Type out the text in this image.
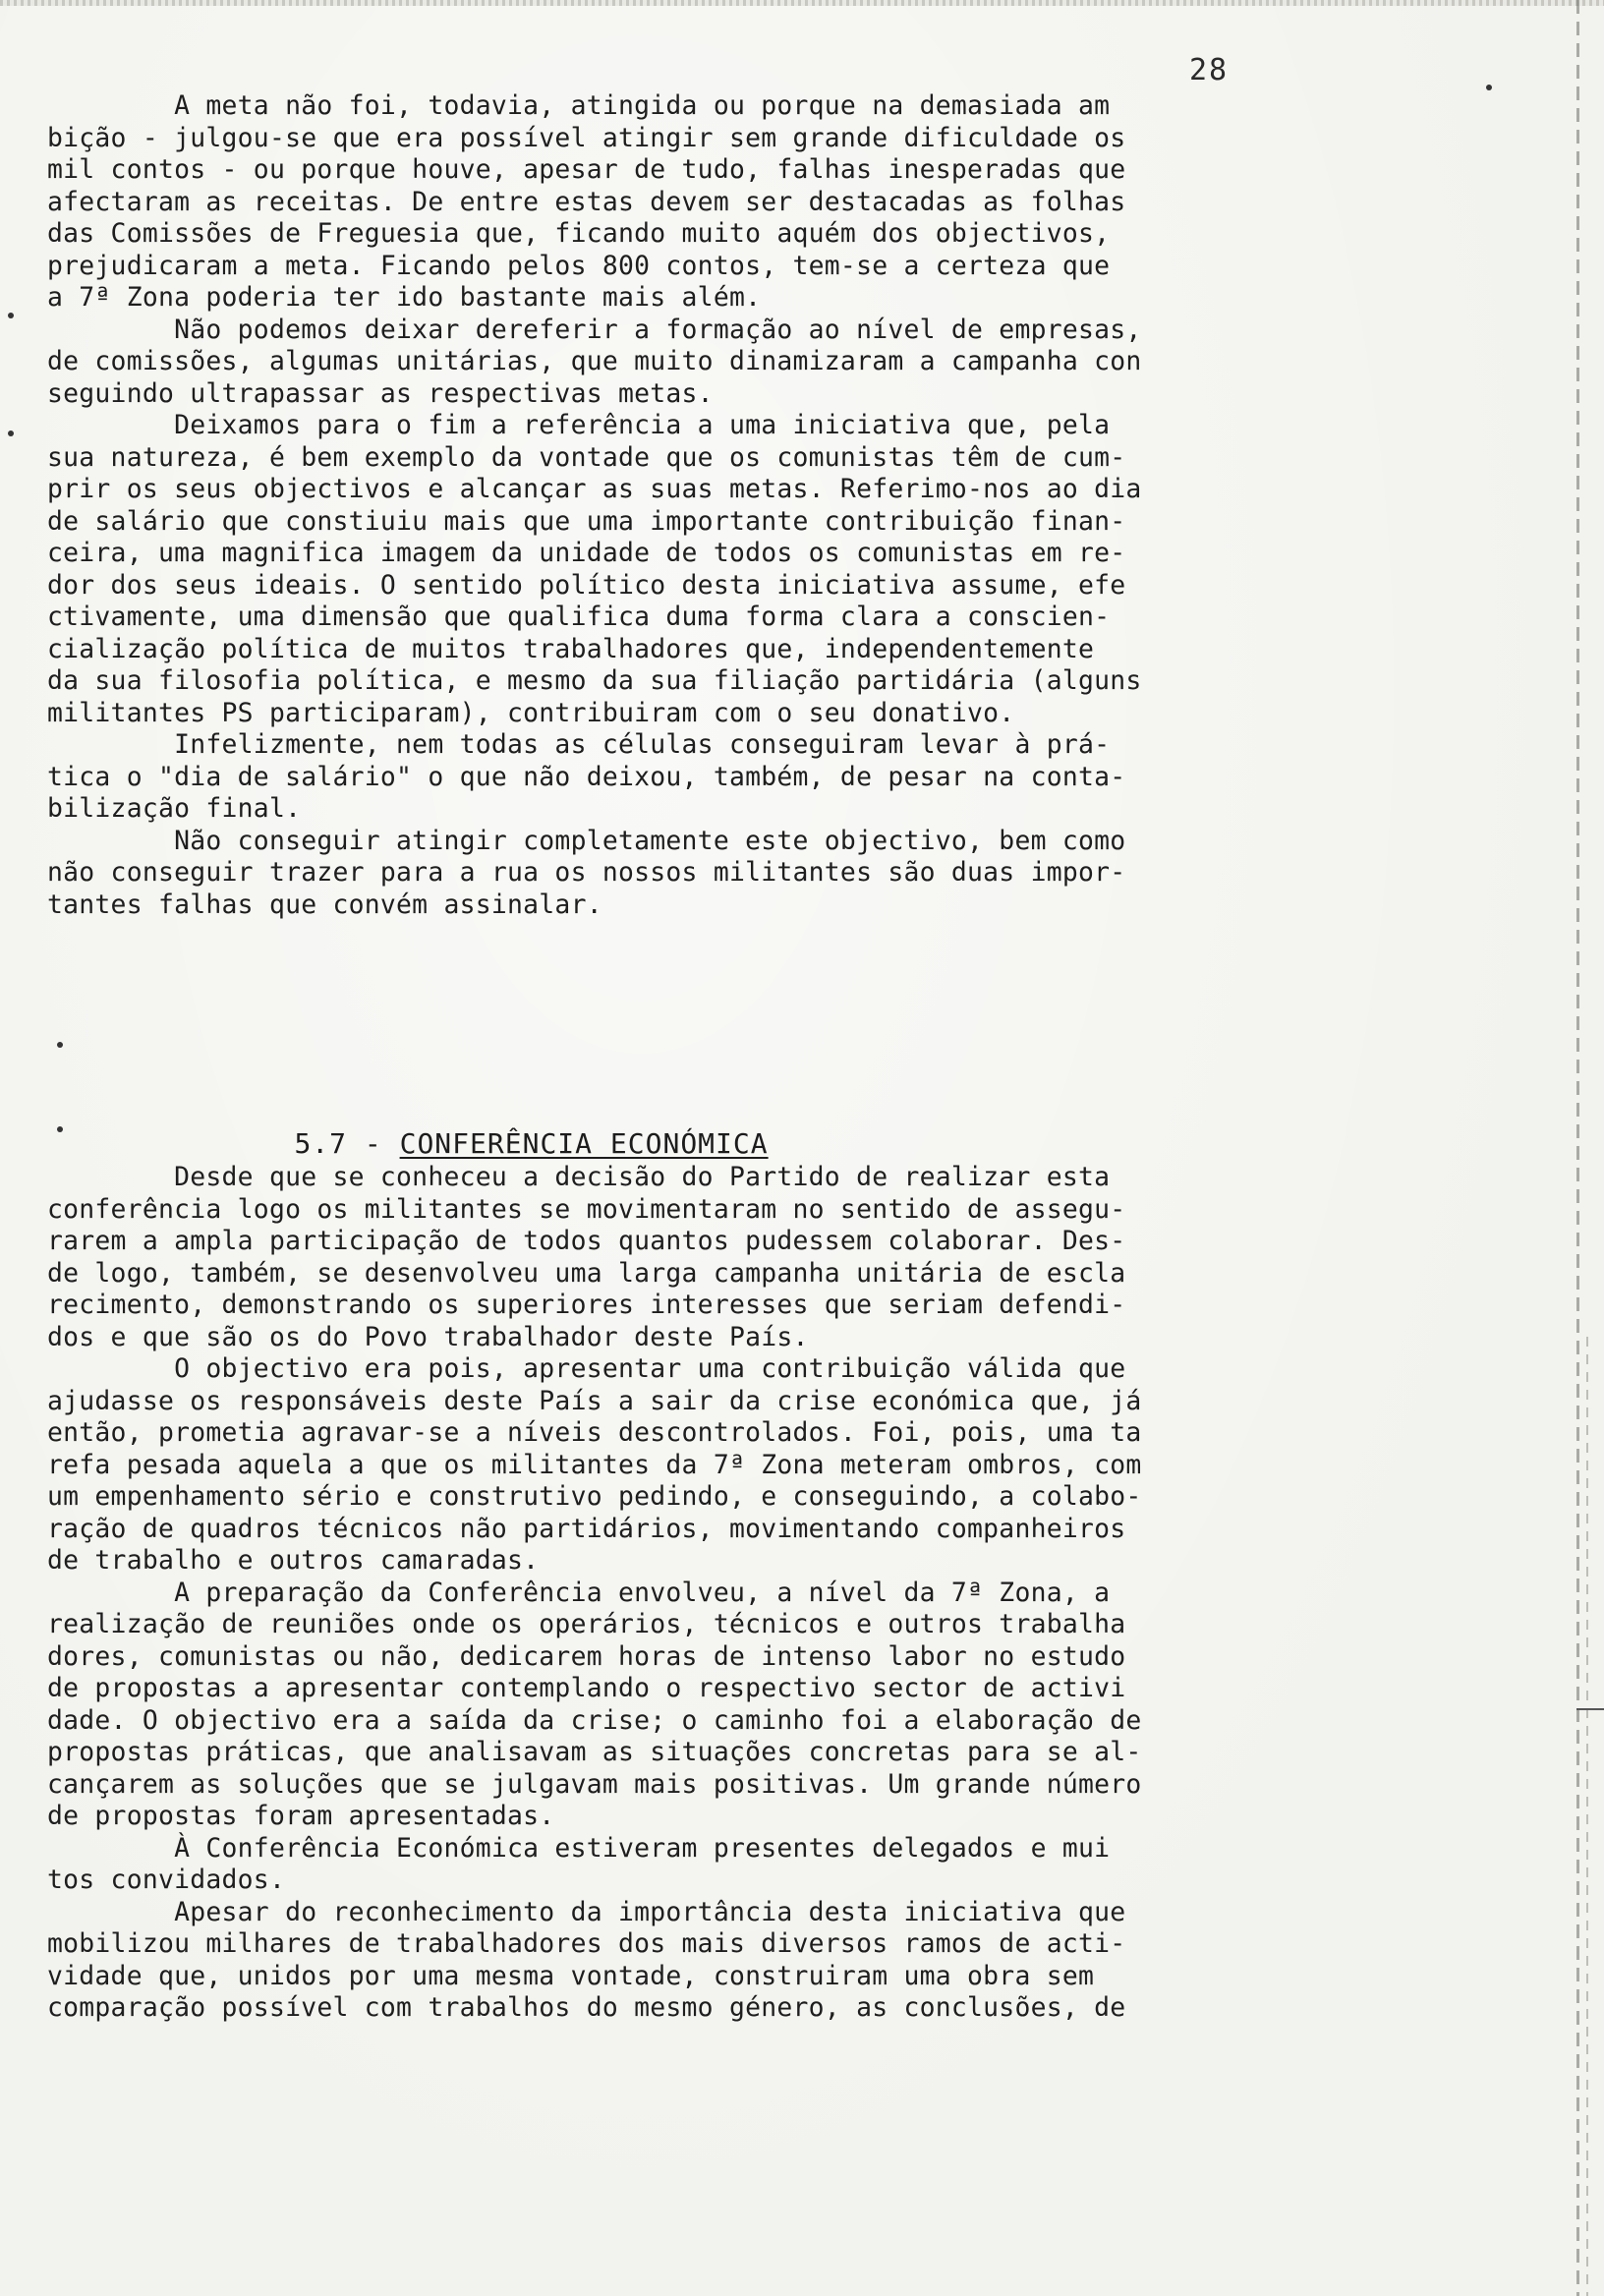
28
A meta não foi, todavia, atingida ou porque na demasiada am
bição - julgou-se que era possível atingir sem grande dificuldade os
mil contos - ou porque houve, apesar de tudo, falhas inesperadas que
afectaram as receitas. De entre estas devem ser destacadas as folhas
das Comissões de Freguesia que, ficando muito aquém dos objectivos,
prejudicaram a meta. Ficando pelos 800 contos, tem-se a certeza que
a 7ª Zona poderia ter ido bastante mais além.
Não podemos deixar dereferir a formação ao nível de empresas,
de comissões, algumas unitárias, que muito dinamizaram a campanha con
seguindo ultrapassar as respectivas metas.
Deixamos para o fim a referência a uma iniciativa que, pela
sua natureza, é bem exemplo da vontade que os comunistas têm de cum-
prir os seus objectivos e alcançar as suas metas. Referimo-nos ao dia
de salário que constiuiu mais que uma importante contribuição finan-
ceira, uma magnifica imagem da unidade de todos os comunistas em re-
dor dos seus ideais. O sentido político desta iniciativa assume, efe
ctivamente, uma dimensão que qualifica duma forma clara a conscien-
cialização política de muitos trabalhadores que, independentemente
da sua filosofia política, e mesmo da sua filiação partidária (alguns
militantes PS participaram), contribuiram com o seu donativo.
Infelizmente, nem todas as células conseguiram levar à prá-
tica o "dia de salário" o que não deixou, também, de pesar na conta-
bilização final.
Não conseguir atingir completamente este objectivo, bem como
não conseguir trazer para a rua os nossos militantes são duas impor-
tantes falhas que convém assinalar.

5.7 - CONFERÊNCIA ECONÓMICA

Desde que se conheceu a decisão do Partido de realizar esta
conferência logo os militantes se movimentaram no sentido de assegu-
rarem a ampla participação de todos quantos pudessem colaborar. Des-
de logo, também, se desenvolveu uma larga campanha unitária de escla
recimento, demonstrando os superiores interesses que seriam defendi-
dos e que são os do Povo trabalhador deste País.
O objectivo era pois, apresentar uma contribuição válida que
ajudasse os responsáveis deste País a sair da crise económica que, já
então, prometia agravar-se a níveis descontrolados. Foi, pois, uma ta
refa pesada aquela a que os militantes da 7ª Zona meteram ombros, com
um empenhamento sério e construtivo pedindo, e conseguindo, a colabo-
ração de quadros técnicos não partidários, movimentando companheiros
de trabalho e outros camaradas.
A preparação da Conferência envolveu, a nível da 7ª Zona, a
realização de reuniões onde os operários, técnicos e outros trabalha
dores, comunistas ou não, dedicarem horas de intenso labor no estudo
de propostas a apresentar contemplando o respectivo sector de activi
dade. O objectivo era a saída da crise; o caminho foi a elaboração de
propostas práticas, que analisavam as situações concretas para se al-
cançarem as soluções que se julgavam mais positivas. Um grande número
de propostas foram apresentadas.
À Conferência Económica estiveram presentes delegados e mui
tos convidados.
Apesar do reconhecimento da importância desta iniciativa que
mobilizou milhares de trabalhadores dos mais diversos ramos de acti-
vidade que, unidos por uma mesma vontade, construiram uma obra sem
comparação possível com trabalhos do mesmo género, as conclusões, de
